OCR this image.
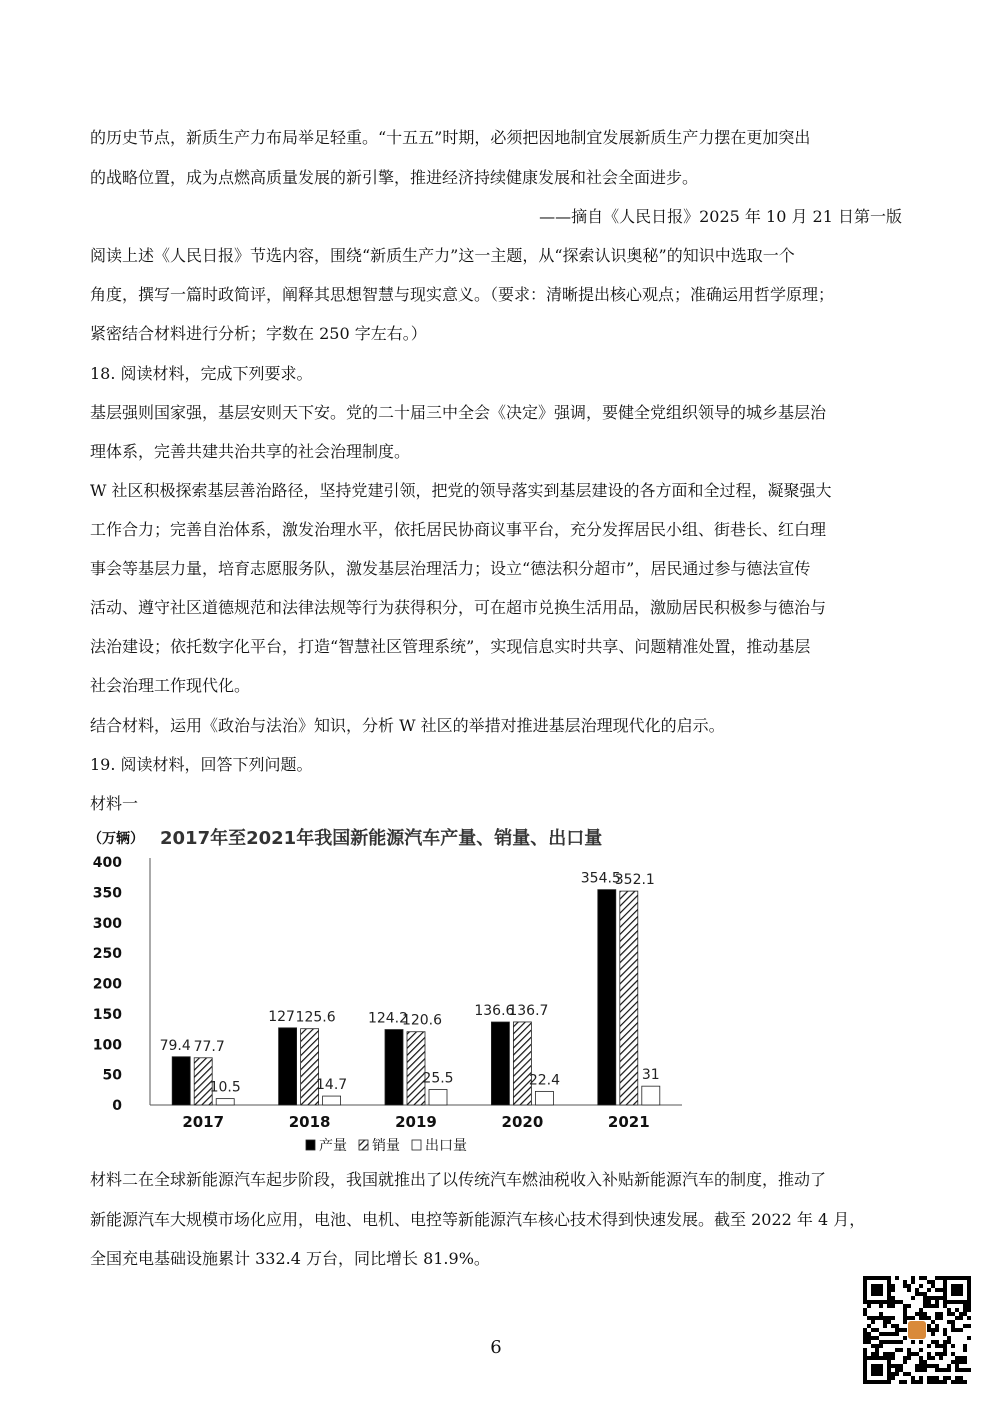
的历史节点，新质生产力布局举足轻重。“十五五”时期，必须把因地制宜发展新质生产力摆在更加突出
的战略位置，成为点燃高质量发展的新引擎，推进经济持续健康发展和社会全面进步。
——摘自《人民日报》2025 年 10 月 21 日第一版
阅读上述《人民日报》节选内容，围绕“新质生产力”这一主题，从“探索认识奥秘”的知识中选取一个
角度，撰写一篇时政简评，阐释其思想智慧与现实意义。（要求：清晰提出核心观点；准确运用哲学原理；
紧密结合材料进行分析；字数在 250 字左右。）
18. 阅读材料，完成下列要求。
基层强则国家强，基层安则天下安。党的二十届三中全会《决定》强调，要健全党组织领导的城乡基层治
理体系，完善共建共治共享的社会治理制度。
W 社区积极探索基层善治路径，坚持党建引领，把党的领导落实到基层建设的各方面和全过程，凝聚强大
工作合力；完善自治体系，激发治理水平，依托居民协商议事平台，充分发挥居民小组、街巷长、红白理
事会等基层力量，培育志愿服务队，激发基层治理活力；设立“德法积分超市”，居民通过参与德法宣传
活动、遵守社区道德规范和法律法规等行为获得积分，可在超市兑换生活用品，激励居民积极参与德治与
法治建设；依托数字化平台，打造“智慧社区管理系统”，实现信息实时共享、问题精准处置，推动基层
社会治理工作现代化。
结合材料，运用《政治与法治》知识，分析 W 社区的举措对推进基层治理现代化的启示。
19. 阅读材料，回答下列问题。
材料一
（万辆） 2017年至2021年我国新能源汽车产量、销量、出口量
0
50
100
150
200
250
300
350
400
79.4 77.7
10.5
2017
127 125.6
14.7
2018
124.2
120.6
25.5
2019
136.6
136.7
22.4
2020
354.5
352.1
31
2021
产量 销量 出口量
材料二在全球新能源汽车起步阶段，我国就推出了以传统汽车燃油税收入补贴新能源汽车的制度，推动了
新能源汽车大规模市场化应用，电池、电机、电控等新能源汽车核心技术得到快速发展。截至 2022 年 4 月，
全国充电基础设施累计 332.4 万台，同比增长 81.9%。
6
